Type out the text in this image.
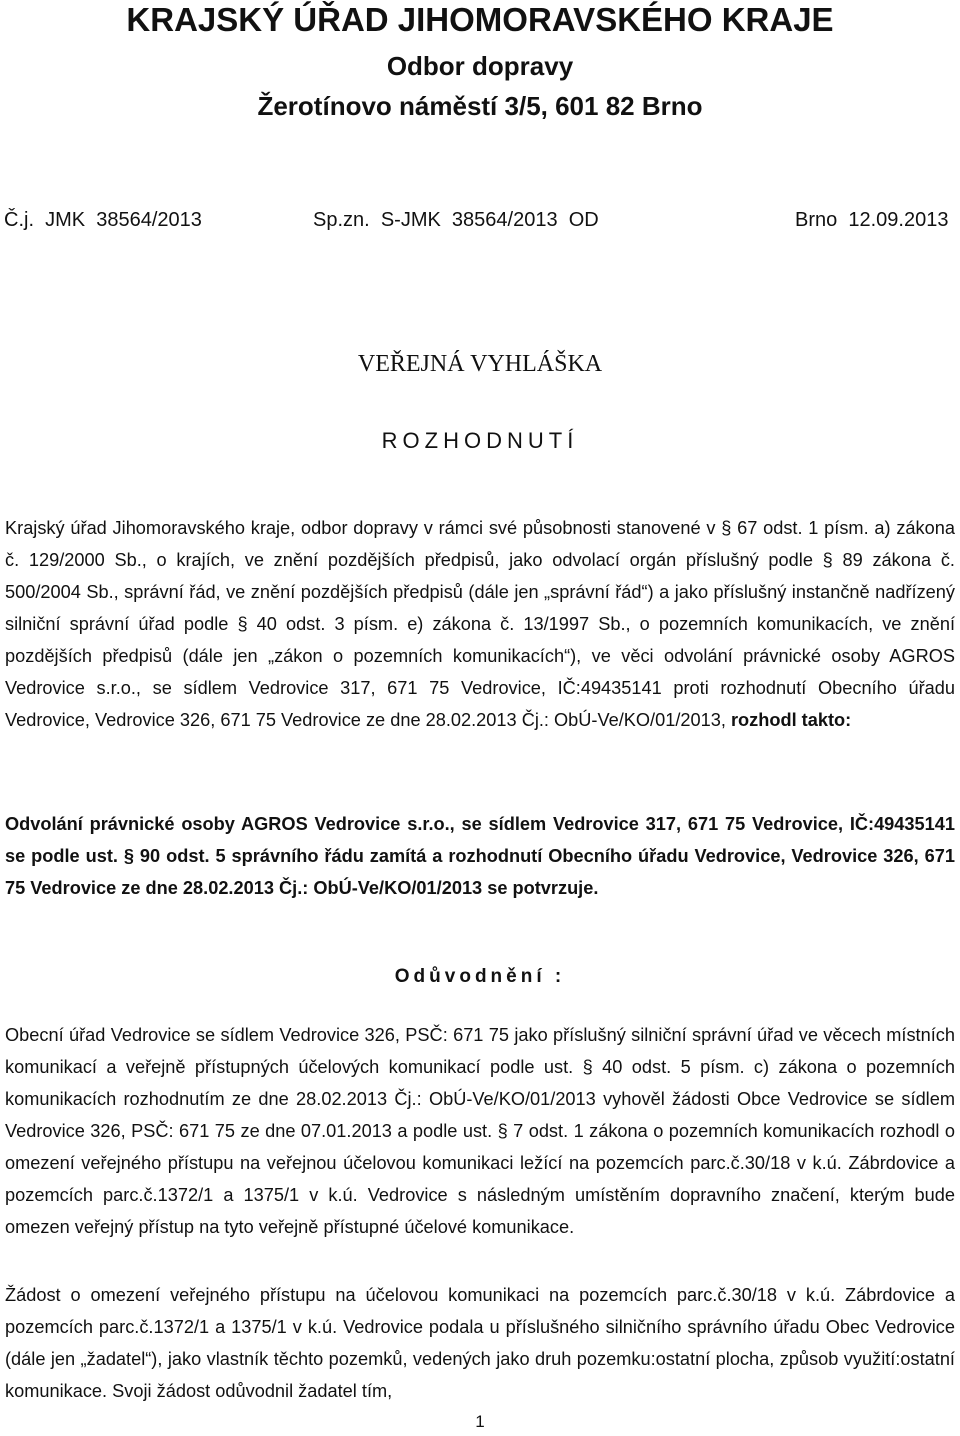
KRAJSKÝ ÚŘAD JIHOMORAVSKÉHO KRAJE
Odbor dopravy
Žerotínovo náměstí 3/5, 601 82 Brno
Č.j.  JMK  38564/2013	Sp.zn.  S-JMK  38564/2013  OD	Brno  12.09.2013
VEŘEJNÁ VYHLÁŠKA
ROZHODNUTÍ

Krajský úřad Jihomoravského kraje, odbor dopravy v rámci své působnosti stanovené v § 67 odst. 1 písm. a) zákona č. 129/2000 Sb., o krajích, ve znění pozdějších předpisů, jako odvolací orgán příslušný podle § 89 zákona č. 500/2004 Sb., správní řád, ve znění pozdějších předpisů (dále jen „správní řád“) a jako příslušný instančně nadřízený silniční správní úřad podle § 40 odst. 3 písm. e) zákona č. 13/1997 Sb., o pozemních komunikacích, ve znění pozdějších předpisů (dále jen „zákon o pozemních komunikacích“), ve věci odvolání právnické osoby AGROS Vedrovice s.r.o., se sídlem Vedrovice 317, 671 75 Vedrovice, IČ:49435141 proti rozhodnutí Obecního úřadu Vedrovice, Vedrovice 326, 671 75 Vedrovice ze dne 28.02.2013 Čj.: ObÚ-Ve/KO/01/2013, rozhodl takto:

Odvolání právnické osoby AGROS Vedrovice s.r.o., se sídlem Vedrovice 317, 671 75 Vedrovice, IČ:49435141 se podle ust. § 90 odst. 5 správního řádu zamítá a rozhodnutí Obecního úřadu Vedrovice, Vedrovice 326, 671 75 Vedrovice ze dne 28.02.2013 Čj.: ObÚ-Ve/KO/01/2013 se potvrzuje.

Odůvodnění :

Obecní úřad Vedrovice se sídlem Vedrovice 326, PSČ: 671 75 jako příslušný silniční správní úřad ve věcech místních komunikací a veřejně přístupných účelových komunikací podle ust. § 40 odst. 5 písm. c) zákona o pozemních komunikacích rozhodnutím ze dne 28.02.2013 Čj.: ObÚ-Ve/KO/01/2013 vyhověl žádosti Obce Vedrovice se sídlem Vedrovice 326, PSČ: 671 75 ze dne 07.01.2013 a podle ust. § 7 odst. 1 zákona o pozemních komunikacích rozhodl o omezení veřejného přístupu na veřejnou účelovou komunikaci ležící na pozemcích parc.č.30/18 v k.ú. Zábrdovice a pozemcích parc.č.1372/1 a 1375/1 v k.ú. Vedrovice s následným umístěním dopravního značení, kterým bude omezen veřejný přístup na tyto veřejně přístupné účelové komunikace.

Žádost o omezení veřejného přístupu na účelovou komunikaci na pozemcích parc.č.30/18 v k.ú. Zábrdovice a pozemcích parc.č.1372/1 a 1375/1 v k.ú. Vedrovice podala u příslušného silničního správního úřadu Obec Vedrovice (dále jen „žadatel“), jako vlastník těchto pozemků, vedených jako druh pozemku:ostatní plocha, způsob využití:ostatní komunikace. Svoji žádost odůvodnil žadatel tím,

1
